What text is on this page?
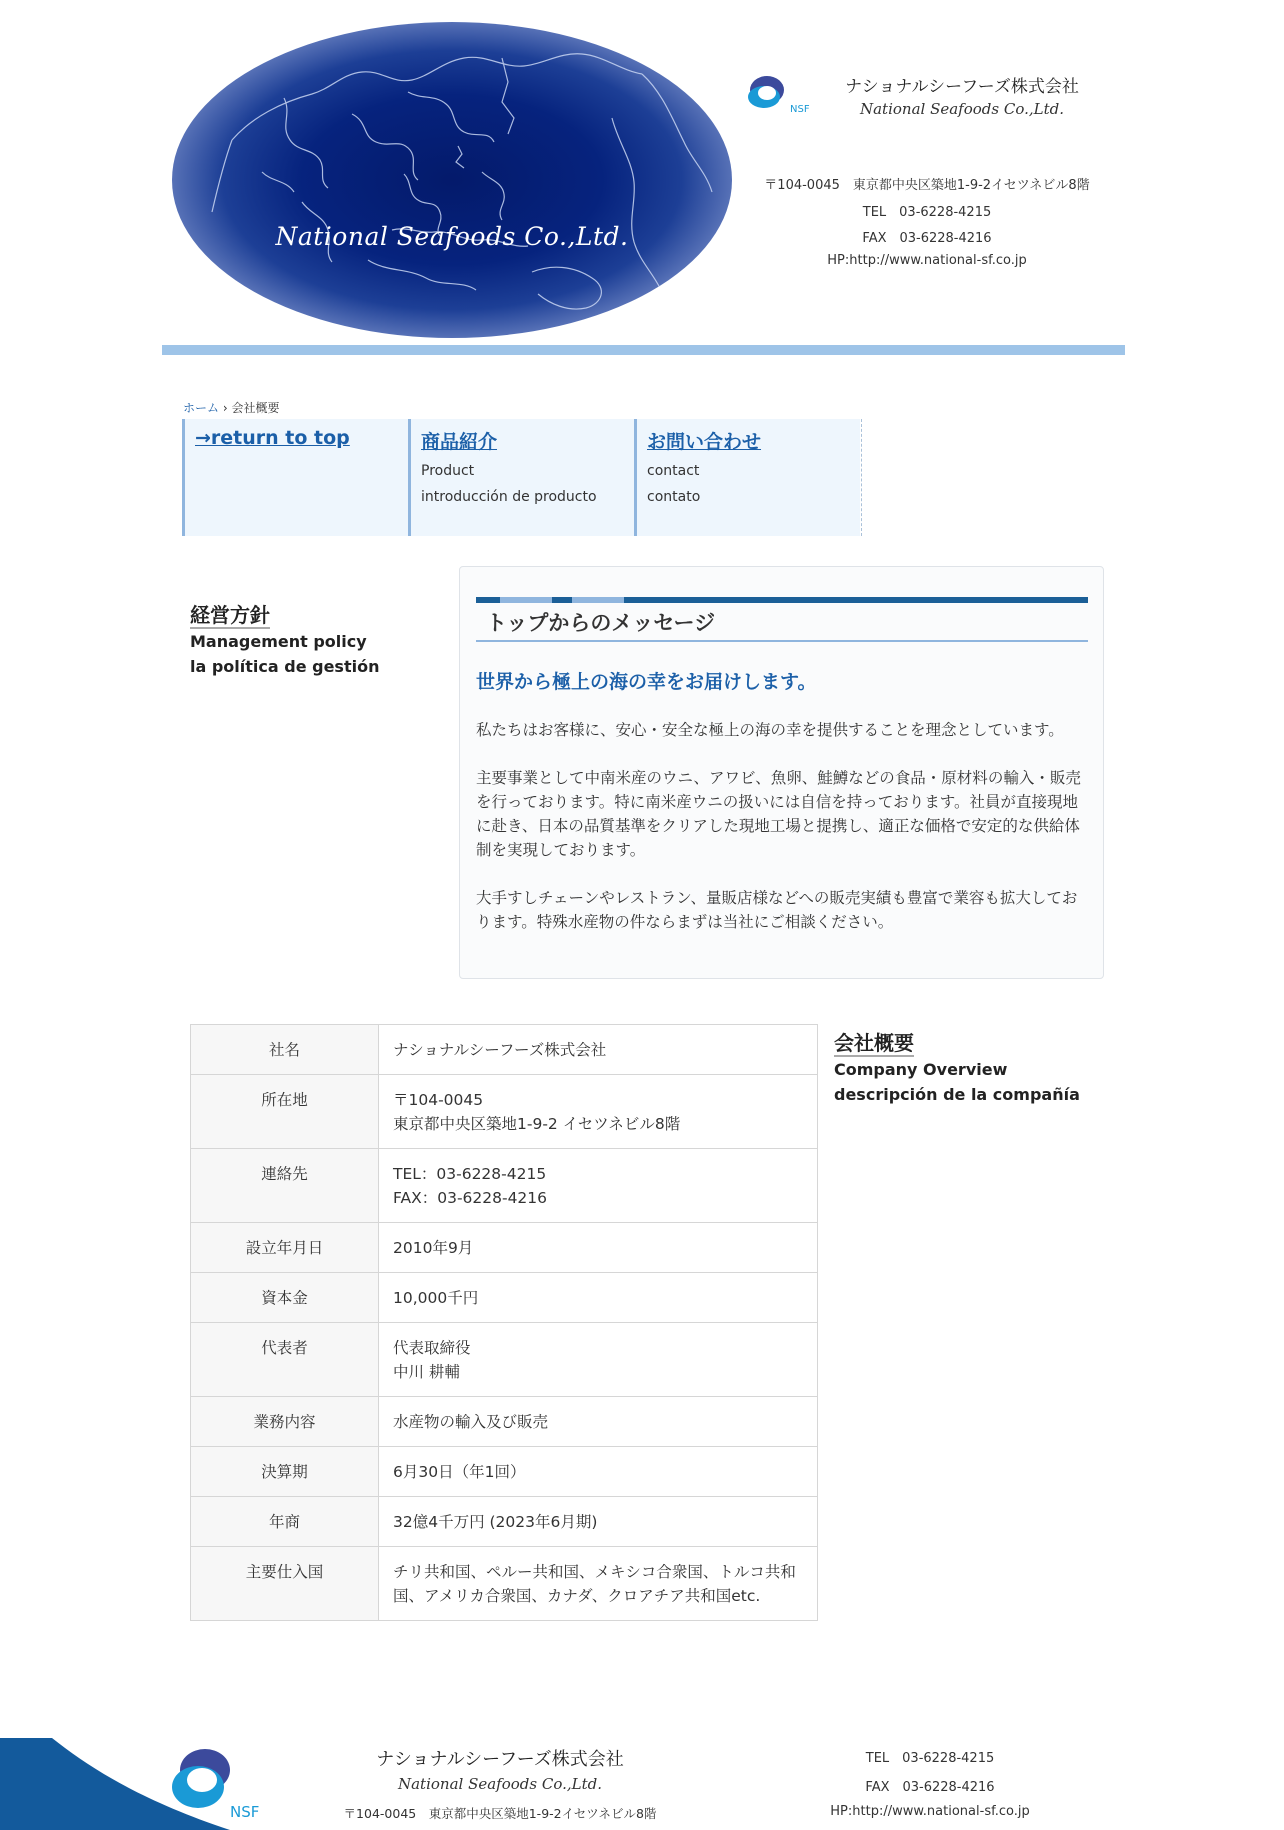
National Seafoods Co.,Ltd.
NSF
ナショナルシーフーズ株式会社
National Seafoods Co.,Ltd.
〒104-0045　東京都中央区築地1-9-2イセツネビル8階
TEL　03-6228-4215
FAX　03-6228-4216
HP:http://www.national-sf.co.jp
ホーム › 会社概要
→return to top	商品紹介
Product
introducción de producto
お問い合わせ
contact
contato
経営方針
Management policy
la política de gestión
トップからのメッセージ
世界から極上の海の幸をお届けします。

私たちはお客様に、安心・安全な極上の海の幸を提供することを理念としています。

主要事業として中南米産のウニ、アワビ、魚卵、鮭鱒などの食品・原材料の輸入・販売を行っております。特に南米産ウニの扱いには自信を持っております。社員が直接現地に赴き、日本の品質基準をクリアした現地工場と提携し、適正な価格で安定的な供給体制を実現しております。

大手すしチェーンやレストラン、量販店様などへの販売実績も豊富で業容も拡大しております。特殊水産物の件ならまずは当社にご相談ください。

社名	ナショナルシーフーズ株式会社

所在地	〒104-0045
東京都中央区築地1-9-2 イセツネビル8階

連絡先	TEL：03-6228-4215
FAX：03-6228-4216

設立年月日	2010年9月

資本金	10,000千円

代表者	代表取締役
中川 耕輔

業務内容	水産物の輸入及び販売

決算期	6月30日（年1回）

年商	32億4千万円 (2023年6月期)

主要仕入国	チリ共和国、ペルー共和国、メキシコ合衆国、トルコ共和国、アメリカ合衆国、カナダ、クロアチア共和国etc.
会社概要
Company Overview
descripción de la compañía
NSF
ナショナルシーフーズ株式会社
National Seafoods Co.,Ltd.
〒104-0045　東京都中央区築地1-9-2イセツネビル8階
TEL　03-6228-4215
FAX　03-6228-4216
HP:http://www.national-sf.co.jp
